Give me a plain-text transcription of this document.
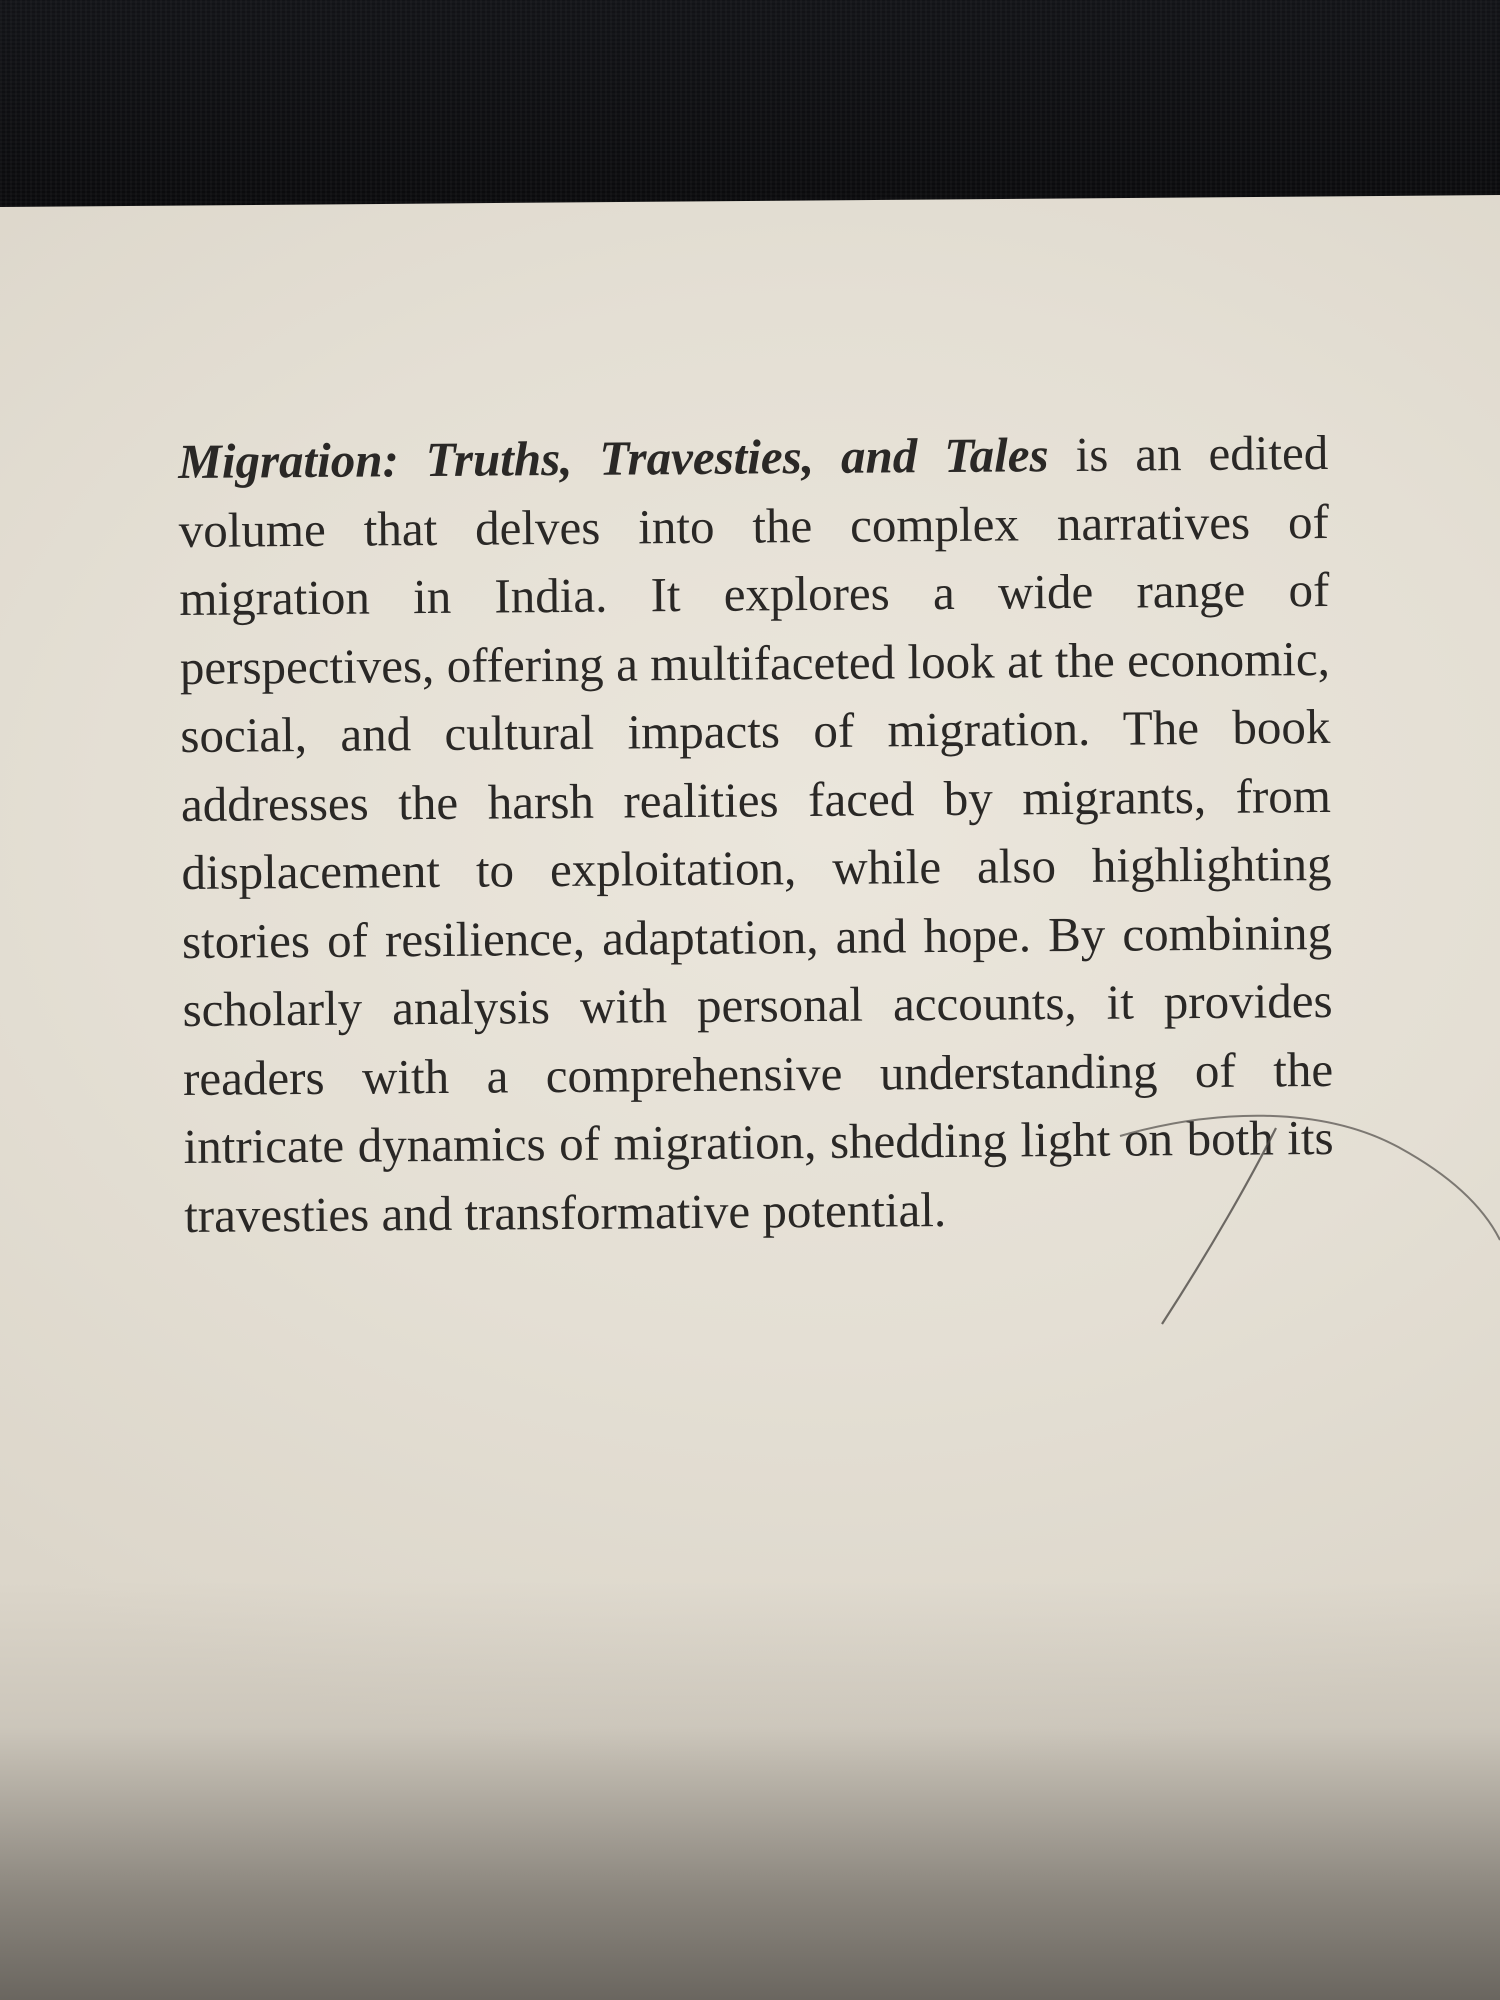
Migration: Truths, Travesties, and Tales is an edited volume that delves into the complex narratives of migration in India. It explores a wide range of perspectives, offering a multifaceted look at the economic, social, and cultural impacts of migration. The book addresses the harsh realities faced by migrants, from displacement to exploitation, while also highlighting stories of resilience, adaptation, and hope. By combining scholarly analysis with personal accounts, it provides readers with a comprehensive understanding of the intricate dynamics of migration, shedding light on both its travesties and transformative potential.
